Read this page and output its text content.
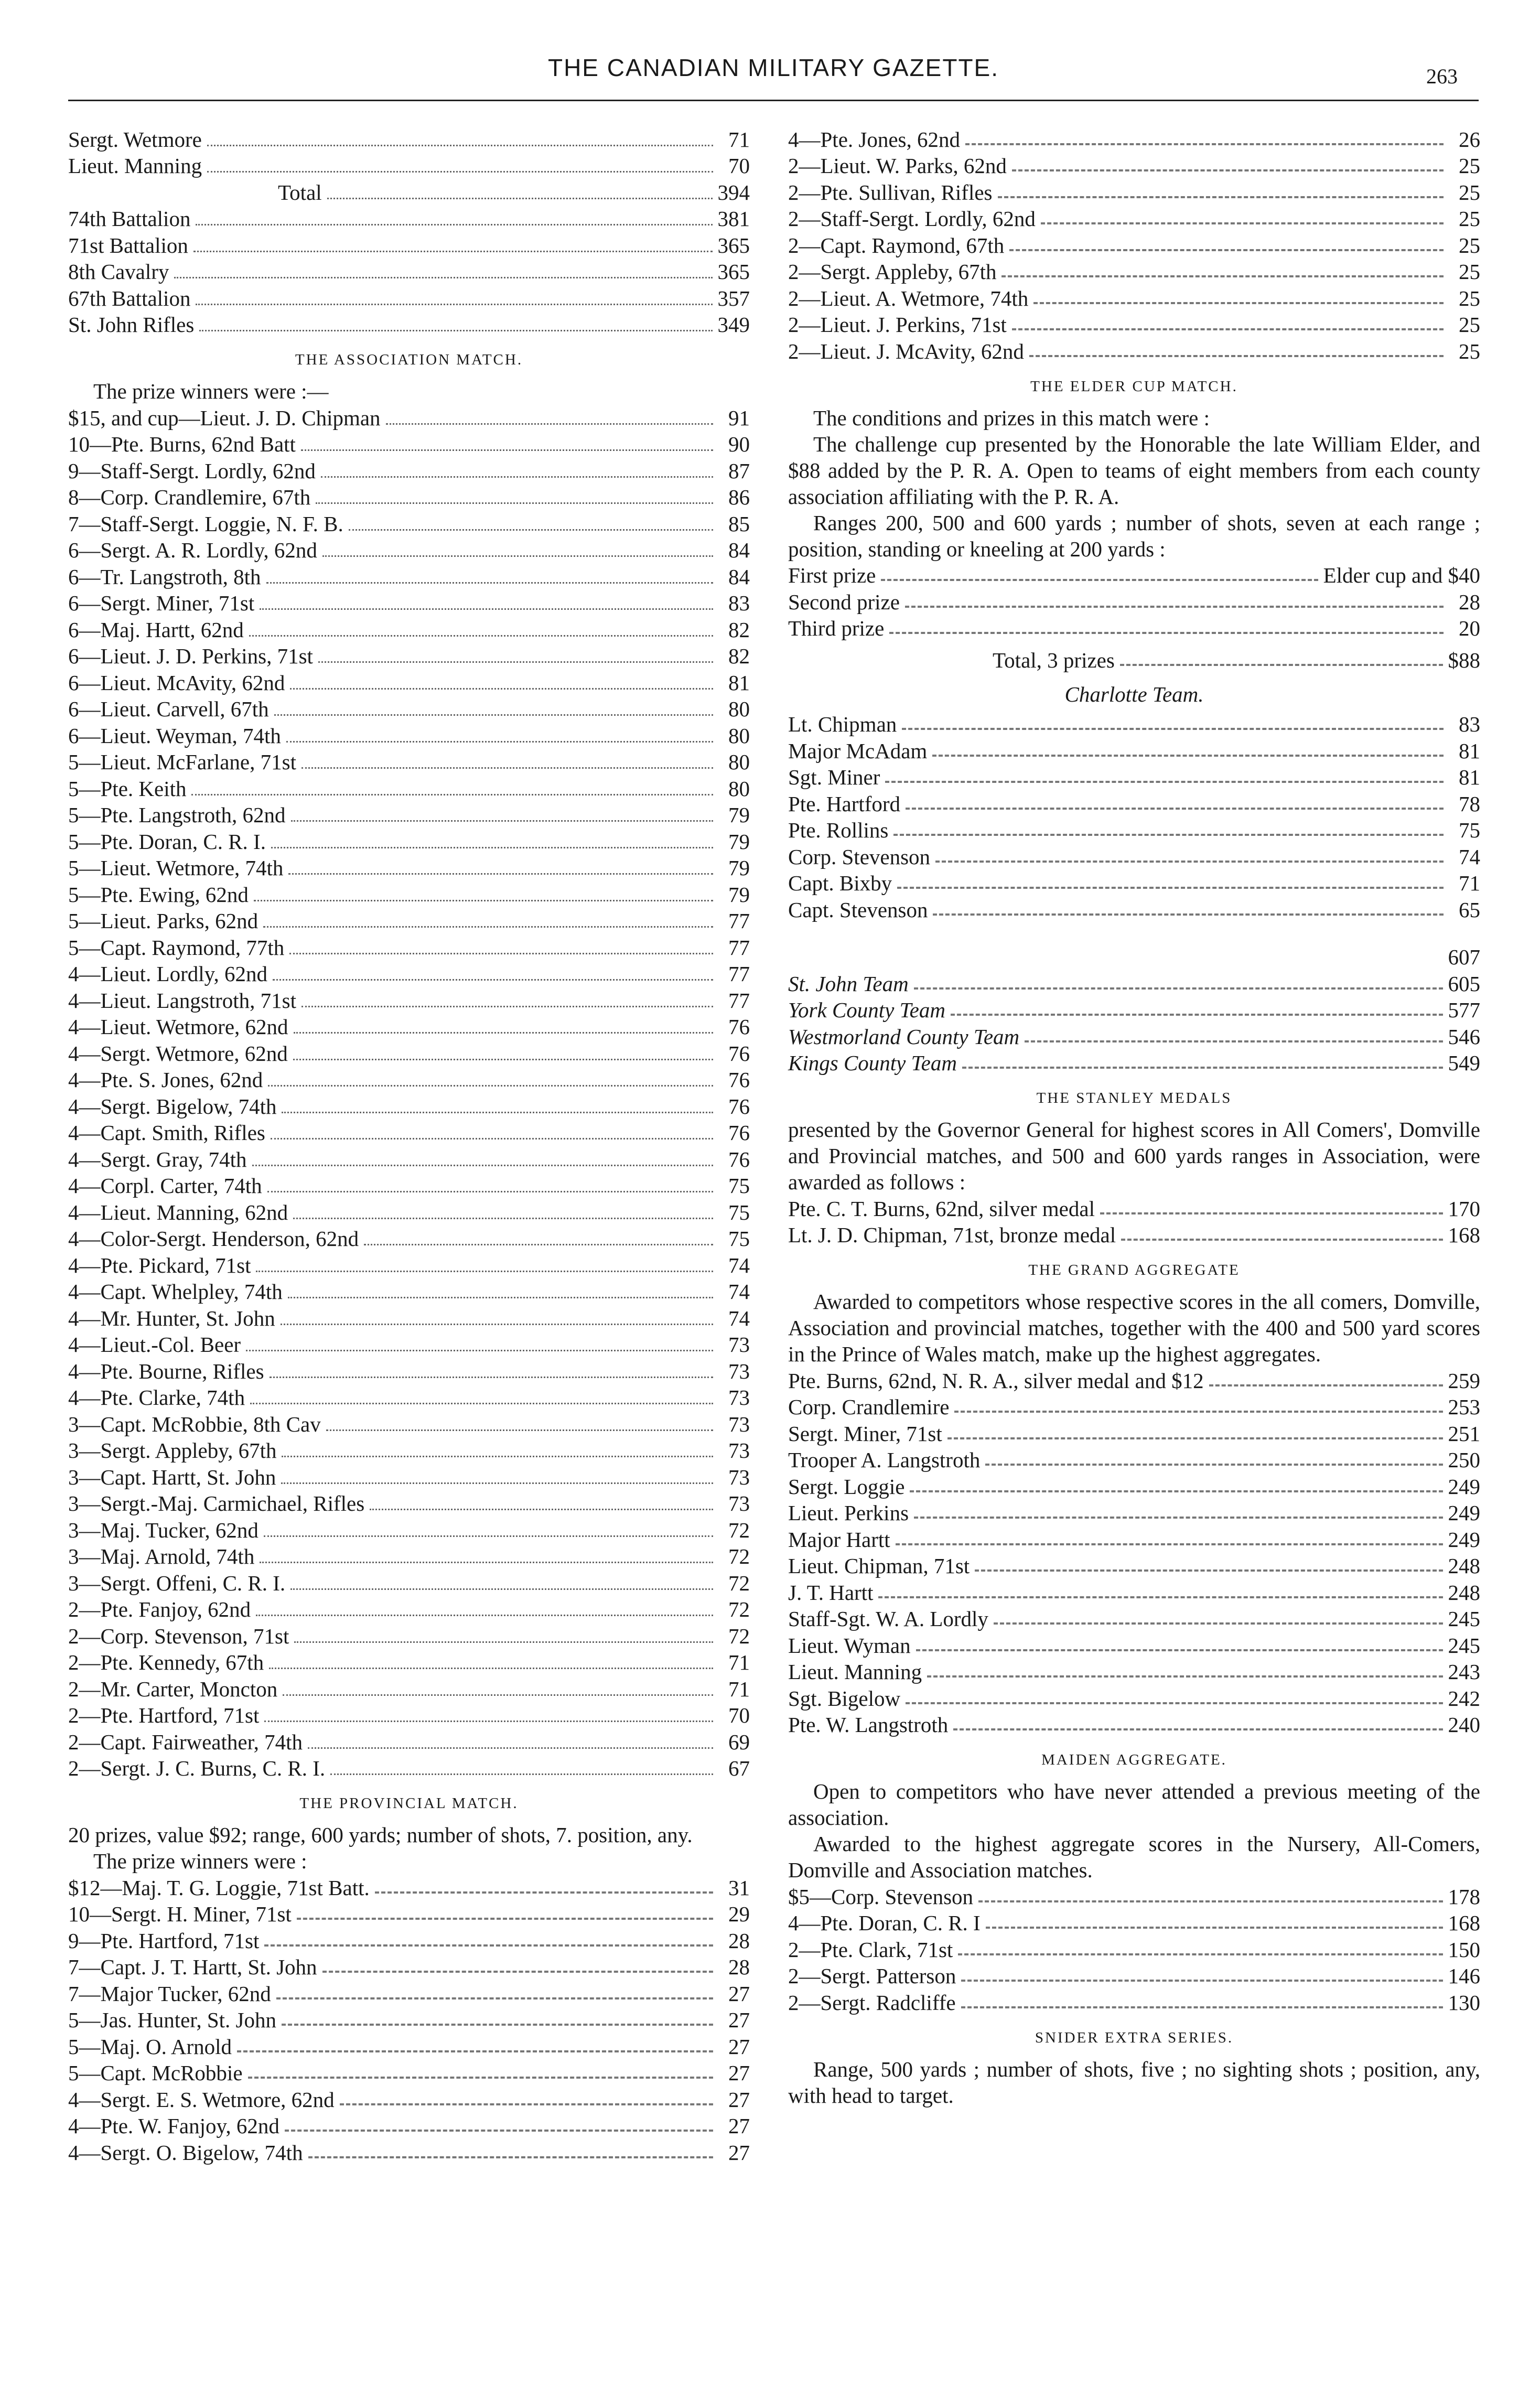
THE CANADIAN MILITARY GAZETTE.	263
Sergt. Wetmore	71
Lieut. Manning	70
Total	394
74th Battalion	381
71st Battalion	365
8th Cavalry	365
67th Battalion	357
St. John Rifles	349
THE ASSOCIATION MATCH.
The prize winners were :—
$15, and cup—Lieut. J. D. Chipman	91
10—Pte. Burns, 62nd Batt	90
9—Staff-Sergt. Lordly, 62nd	87
8—Corp. Crandlemire, 67th	86
7—Staff-Sergt. Loggie, N. F. B.	85
6—Sergt. A. R. Lordly, 62nd	84
6—Tr. Langstroth, 8th	84
6—Sergt. Miner, 71st	83
6—Maj. Hartt, 62nd	82
6—Lieut. J. D. Perkins, 71st	82
6—Lieut. McAvity, 62nd	81
6—Lieut. Carvell, 67th	80
6—Lieut. Weyman, 74th	80
5—Lieut. McFarlane, 71st	80
5—Pte. Keith	80
5—Pte. Langstroth, 62nd	79
5—Pte. Doran, C. R. I.	79
5—Lieut. Wetmore, 74th	79
5—Pte. Ewing, 62nd	79
5—Lieut. Parks, 62nd	77
5—Capt. Raymond, 77th	77
4—Lieut. Lordly, 62nd	77
4—Lieut. Langstroth, 71st	77
4—Lieut. Wetmore, 62nd	76
4—Sergt. Wetmore, 62nd	76
4—Pte. S. Jones, 62nd	76
4—Sergt. Bigelow, 74th	76
4—Capt. Smith, Rifles	76
4—Sergt. Gray, 74th	76
4—Corpl. Carter, 74th	75
4—Lieut. Manning, 62nd	75
4—Color-Sergt. Henderson, 62nd	75
4—Pte. Pickard, 71st	74
4—Capt. Whelpley, 74th	74
4—Mr. Hunter, St. John	74
4—Lieut.-Col. Beer	73
4—Pte. Bourne, Rifles	73
4—Pte. Clarke, 74th	73
3—Capt. McRobbie, 8th Cav	73
3—Sergt. Appleby, 67th	73
3—Capt. Hartt, St. John	73
3—Sergt.-Maj. Carmichael, Rifles	73
3—Maj. Tucker, 62nd	72
3—Maj. Arnold, 74th	72
3—Sergt. Offeni, C. R. I.	72
2—Pte. Fanjoy, 62nd	72
2—Corp. Stevenson, 71st	72
2—Pte. Kennedy, 67th	71
2—Mr. Carter, Moncton	71
2—Pte. Hartford, 71st	70
2—Capt. Fairweather, 74th	69
2—Sergt. J. C. Burns, C. R. I.	67
THE PROVINCIAL MATCH.
20 prizes, value $92; range, 600 yards; number of shots, 7. position, any.
The prize winners were :
$12—Maj. T. G. Loggie, 71st Batt.	31
10—Sergt. H. Miner, 71st	29
9—Pte. Hartford, 71st	28
7—Capt. J. T. Hartt, St. John	28
7—Major Tucker, 62nd	27
5—Jas. Hunter, St. John	27
5—Maj. O. Arnold	27
5—Capt. McRobbie	27
4—Sergt. E. S. Wetmore, 62nd	27
4—Pte. W. Fanjoy, 62nd	27
4—Sergt. O. Bigelow, 74th	27
4—Pte. Jones, 62nd	26
2—Lieut. W. Parks, 62nd	25
2—Pte. Sullivan, Rifles	25
2—Staff-Sergt. Lordly, 62nd	25
2—Capt. Raymond, 67th	25
2—Sergt. Appleby, 67th	25
2—Lieut. A. Wetmore, 74th	25
2—Lieut. J. Perkins, 71st	25
2—Lieut. J. McAvity, 62nd	25
THE ELDER CUP MATCH.
The conditions and prizes in this match were :
The challenge cup presented by the Honorable the late William Elder, and $88 added by the P. R. A. Open to teams of eight members from each county association affiliating with the P. R. A.
Ranges 200, 500 and 600 yards ; number of shots, seven at each range ; position, standing or kneeling at 200 yards :
First prize	Elder cup and $40
Second prize	28
Third prize	20
Total, 3 prizes	$88
Charlotte Team.
Lt. Chipman	83
Major McAdam	81
Sgt. Miner	81
Pte. Hartford	78
Pte. Rollins	75
Corp. Stevenson	74
Capt. Bixby	71
Capt. Stevenson	65
607
St. John Team	605
York County Team	577
Westmorland County Team	546
Kings County Team	549
THE STANLEY MEDALS
presented by the Governor General for highest scores in All Comers', Domville and Provincial matches, and 500 and 600 yards ranges in Association, were awarded as follows :
Pte. C. T. Burns, 62nd, silver medal	170
Lt. J. D. Chipman, 71st, bronze medal	168
THE GRAND AGGREGATE
Awarded to competitors whose respective scores in the all comers, Domville, Association and provincial matches, together with the 400 and 500 yard scores in the Prince of Wales match, make up the highest aggregates.
Pte. Burns, 62nd, N. R. A., silver medal and $12	259
Corp. Crandlemire	253
Sergt. Miner, 71st	251
Trooper A. Langstroth	250
Sergt. Loggie	249
Lieut. Perkins	249
Major Hartt	249
Lieut. Chipman, 71st	248
J. T. Hartt	248
Staff-Sgt. W. A. Lordly	245
Lieut. Wyman	245
Lieut. Manning	243
Sgt. Bigelow	242
Pte. W. Langstroth	240
MAIDEN AGGREGATE.
Open to competitors who have never attended a previous meeting of the association.
Awarded to the highest aggregate scores in the Nursery, All-Comers, Domville and Association matches.
$5—Corp. Stevenson	178
4—Pte. Doran, C. R. I	168
2—Pte. Clark, 71st	150
2—Sergt. Patterson	146
2—Sergt. Radcliffe	130
SNIDER EXTRA SERIES.
Range, 500 yards ; number of shots, five ; no sighting shots ; position, any, with head to target.
